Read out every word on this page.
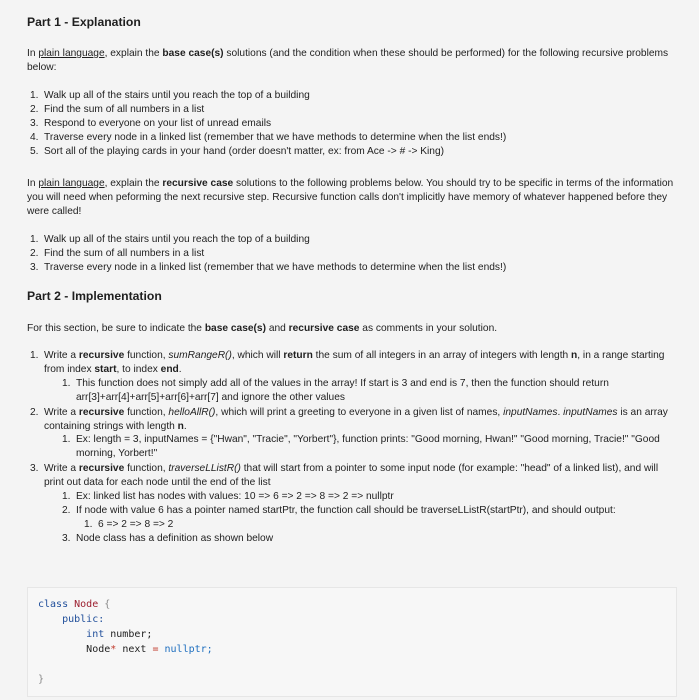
Part 1 - Explanation

In plain language, explain the base case(s) solutions (and the condition when these should be performed) for the following recursive problems below:

1. Walk up all of the stairs until you reach the top of a building
2. Find the sum of all numbers in a list
3. Respond to everyone on your list of unread emails
4. Traverse every node in a linked list (remember that we have methods to determine when the list ends!)
5. Sort all of the playing cards in your hand (order doesn't matter, ex: from Ace -> # -> King)

In plain language, explain the recursive case solutions to the following problems below. You should try to be specific in terms of the information you will need when peforming the next recursive step. Recursive function calls don't implicitly have memory of whatever happened before they were called!

1. Walk up all of the stairs until you reach the top of a building
2. Find the sum of all numbers in a list
3. Traverse every node in a linked list (remember that we have methods to determine when the list ends!)
Part 2 - Implementation

For this section, be sure to indicate the base case(s) and recursive case as comments in your solution.

1. Write a recursive function, sumRangeR(), which will return the sum of all integers in an array of integers with length n, in a range starting from index start, to index end.
1. This function does not simply add all of the values in the array! If start is 3 and end is 7, then the function should return arr[3]+arr[4]+arr[5]+arr[6]+arr[7] and ignore the other values
2. Write a recursive function, helloAllR(), which will print a greeting to everyone in a given list of names, inputNames. inputNames is an array containing strings with length n.
1. Ex: length = 3, inputNames = {"Hwan", "Tracie", "Yorbert"}, function prints: "Good morning, Hwan!" "Good morning, Tracie!" "Good morning, Yorbert!"
3. Write a recursive function, traverseLListR() that will start from a pointer to some input node (for example: "head" of a linked list), and will print out data for each node until the end of the list
1. Ex: linked list has nodes with values: 10 => 6 => 2 => 8 => 2 => nullptr
2. If node with value 6 has a pointer named startPtr, the function call should be traverseLListR(startPtr), and should output:
1. 6 => 2 => 8 => 2
3. Node class has a definition as shown below
class Node {
public:
int number;
Node* next = nullptr;

}
